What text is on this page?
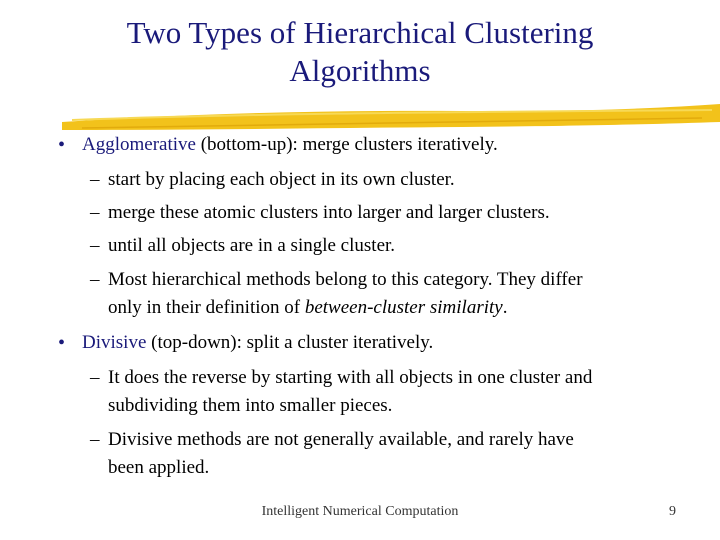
Two Types of Hierarchical Clustering
Algorithms
• Agglomerative (bottom-up): merge clusters iteratively.
– start by placing each object in its own cluster.
– merge these atomic clusters into larger and larger clusters.
– until all objects are in a single cluster.
– Most hierarchical methods belong to this category. They differ
only in their definition of between-cluster similarity.
• Divisive (top-down): split a cluster iteratively.
– It does the reverse by starting with all objects in one cluster and
subdividing them into smaller pieces.
– Divisive methods are not generally available, and rarely have
been applied.
Intelligent Numerical Computation	9
